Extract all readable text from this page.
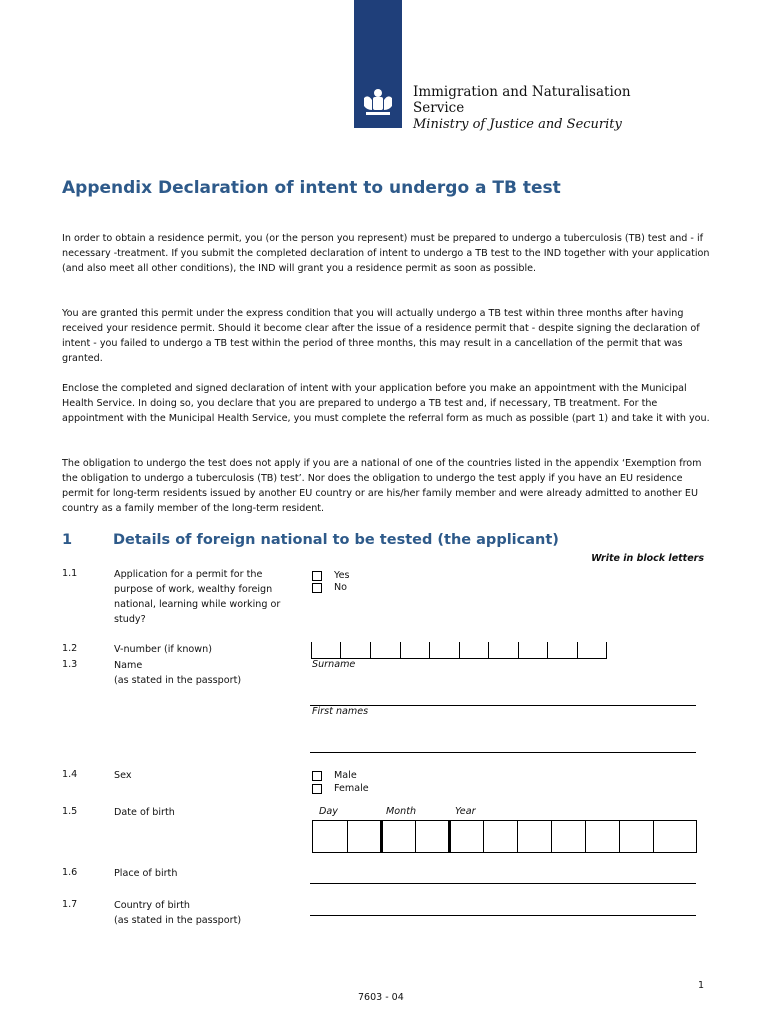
Immigration and Naturalisation
Service
Ministry of Justice and Security
Appendix Declaration of intent to undergo a TB test

In order to obtain a residence permit, you (or the person you represent) must be prepared to undergo a tuberculosis (TB) test and - if necessary -treatment. If you submit the completed declaration of intent to undergo a TB test to the IND together with your application (and also meet all other conditions), the IND will grant you a residence permit as soon as possible.

You are granted this permit under the express condition that you will actually undergo a TB test within three months after having received your residence permit. Should it become clear after the issue of a residence permit that - despite signing the declaration of intent - you failed to undergo a TB test within the period of three months, this may result in a cancellation of the permit that was granted.

Enclose the completed and signed declaration of intent with your application before you make an appointment with the Municipal Health Service. In doing so, you declare that you are prepared to undergo a TB test and, if necessary, TB treatment. For the appointment with the Municipal Health Service, you must complete the referral form as much as possible (part 1) and take it with you.

The obligation to undergo the test does not apply if you are a national of one of the countries listed in the appendix ‘Exemption from the obligation to undergo a tuberculosis (TB) test’. Nor does the obligation to undergo the test apply if you have an EU residence permit for long-term residents issued by another EU country or are his/her family member and were already admitted to another EU country as a family member of the long-term resident.

1	Details of foreign national to be tested (the applicant)
Write in block letters
1.1	Application for a permit for the purpose of work, wealthy foreign national, learning while working or study?
Yes
No
1.2	V-number (if known)
1.3	Name
(as stated in the passport)
Surname
First names
1.4	Sex	Male
Female
1.5	Date of birth	Day	Month	Year
1.6	Place of birth
1.7	Country of birth
(as stated in the passport)
1
7603 - 04
